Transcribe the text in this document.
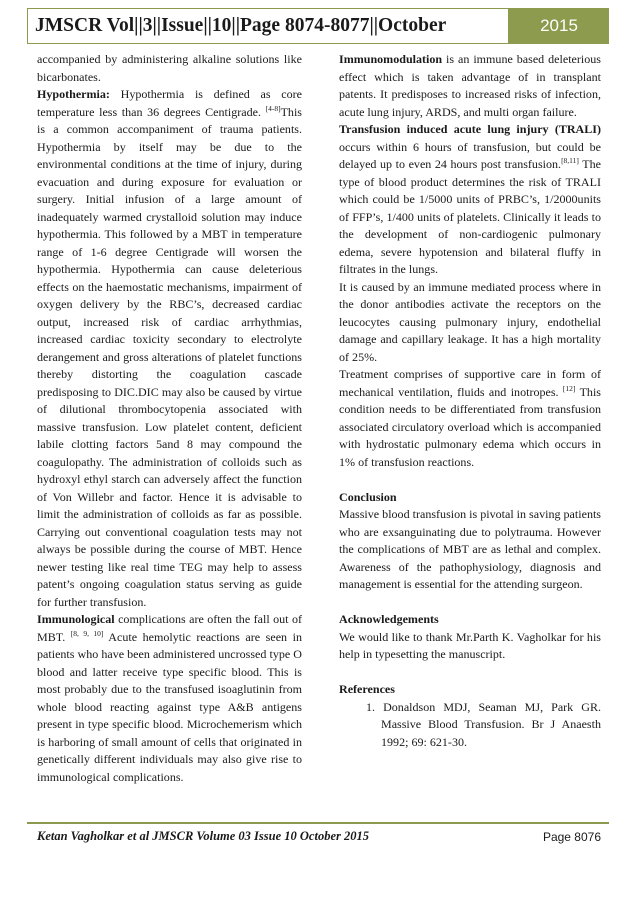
JMSCR Vol||3||Issue||10||Page 8074-8077||October	2015

accompanied by administering alkaline solutions like bicarbonates.

Hypothermia: Hypothermia is defined as core temperature less than 36 degrees Centigrade. [4-8]This is a common accompaniment of trauma patients. Hypothermia by itself may be due to the environmental conditions at the time of injury, during evacuation and during exposure for evaluation or surgery. Initial infusion of a large amount of inadequately warmed crystalloid solution may induce hypothermia. This followed by a MBT in temperature range of 1-6 degree Centigrade will worsen the hypothermia. Hypothermia can cause deleterious effects on the haemostatic mechanisms, impairment of oxygen delivery by the RBC’s, decreased cardiac output, increased risk of cardiac arrhythmias, increased cardiac toxicity secondary to electrolyte derangement and gross alterations of platelet functions thereby distorting the coagulation cascade predisposing to DIC.DIC may also be caused by virtue of dilutional thrombocytopenia associated with massive transfusion. Low platelet content, deficient labile clotting factors 5and 8 may compound the coagulopathy. The administration of colloids such as hydroxyl ethyl starch can adversely affect the function of Von Willebr and factor. Hence it is advisable to limit the administration of colloids as far as possible. Carrying out conventional coagulation tests may not always be possible during the course of MBT. Hence newer testing like real time TEG may help to assess patent’s ongoing coagulation status serving as guide for further transfusion.

Immunological complications are often the fall out of MBT. [8, 9, 10] Acute hemolytic reactions are seen in patients who have been administered uncrossed type O blood and latter receive type specific blood. This is most probably due to the transfused isoaglutinin from whole blood reacting against type A&B antigens present in type specific blood. Microchemerism which is harboring of small amount of cells that originated in genetically different individuals may also give rise to immunological complications.

Immunomodulation is an immune based deleterious effect which is taken advantage of in transplant patents. It predisposes to increased risks of infection, acute lung injury, ARDS, and multi organ failure.

Transfusion induced acute lung injury (TRALI) occurs within 6 hours of transfusion, but could be delayed up to even 24 hours post transfusion.[8,11] The type of blood product determines the risk of TRALI which could be 1/5000 units of PRBC’s, 1/2000units of FFP’s, 1/400 units of platelets. Clinically it leads to the development of non-cardiogenic pulmonary edema, severe hypotension and bilateral fluffy in filtrates in the lungs.

It is caused by an immune mediated process where in the donor antibodies activate the receptors on the leucocytes causing pulmonary injury, endothelial damage and capillary leakage. It has a high mortality of 25%.

Treatment comprises of supportive care in form of mechanical ventilation, fluids and inotropes. [12] This condition needs to be differentiated from transfusion associated circulatory overload which is accompanied with hydrostatic pulmonary edema which occurs in 1% of transfusion reactions.

Conclusion

Massive blood transfusion is pivotal in saving patients who are exsanguinating due to polytrauma. However the complications of MBT are as lethal and complex. Awareness of the pathophysiology, diagnosis and management is essential for the attending surgeon.

Acknowledgements

We would like to thank Mr.Parth K. Vagholkar for his help in typesetting the manuscript.

References

1. Donaldson MDJ, Seaman MJ, Park GR. Massive Blood Transfusion. Br J Anaesth 1992; 69: 621-30.

Ketan Vagholkar et al JMSCR Volume 03 Issue 10 October 2015	Page 8076
